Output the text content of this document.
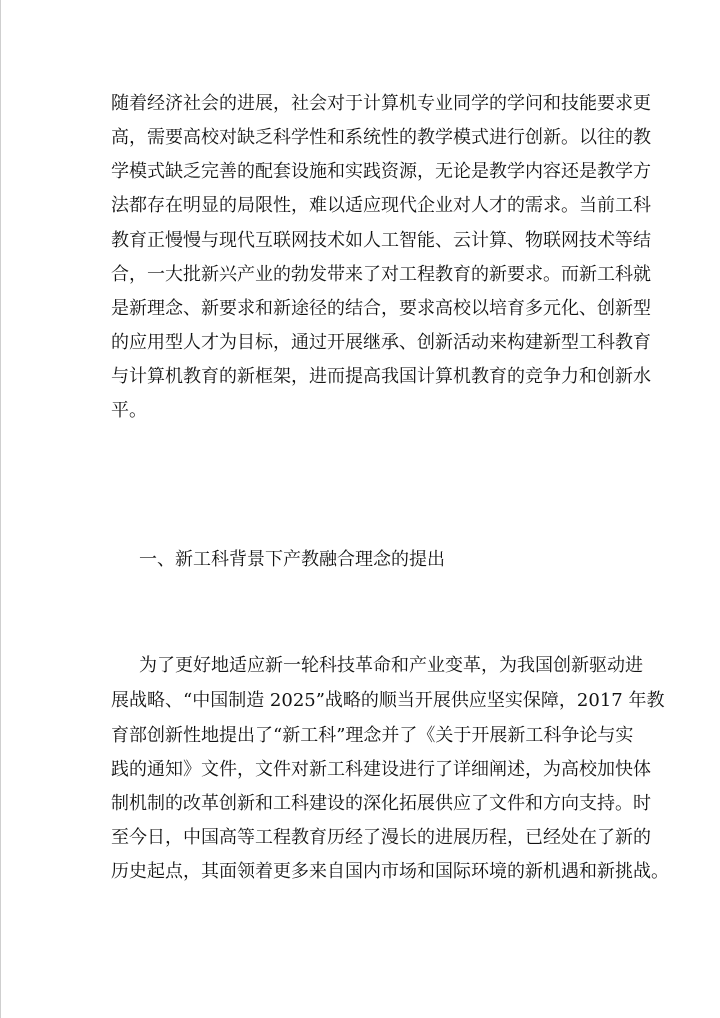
随着经济社会的进展，社会对于计算机专业同学的学问和技能要求更
高，需要高校对缺乏科学性和系统性的教学模式进行创新。以往的教
学模式缺乏完善的配套设施和实践资源，无论是教学内容还是教学方
法都存在明显的局限性，难以适应现代企业对人才的需求。当前工科
教育正慢慢与现代互联网技术如人工智能、云计算、物联网技术等结
合，一大批新兴产业的勃发带来了对工程教育的新要求。而新工科就
是新理念、新要求和新途径的结合，要求高校以培育多元化、创新型
的应用型人才为目标，通过开展继承、创新活动来构建新型工科教育
与计算机教育的新框架，进而提高我国计算机教育的竞争力和创新水
平。
一、新工科背景下产教融合理念的提出
为了更好地适应新一轮科技革命和产业变革，为我国创新驱动进
展战略、“中国制造 2025”战略的顺当开展供应坚实保障，2017 年教
育部创新性地提出了“新工科”理念并了《关于开展新工科争论与实
践的通知》文件，文件对新工科建设进行了详细阐述，为高校加快体
制机制的改革创新和工科建设的深化拓展供应了文件和方向支持。时
至今日，中国高等工程教育历经了漫长的进展历程，已经处在了新的
历史起点，其面领着更多来自国内市场和国际环境的新机遇和新挑战。
